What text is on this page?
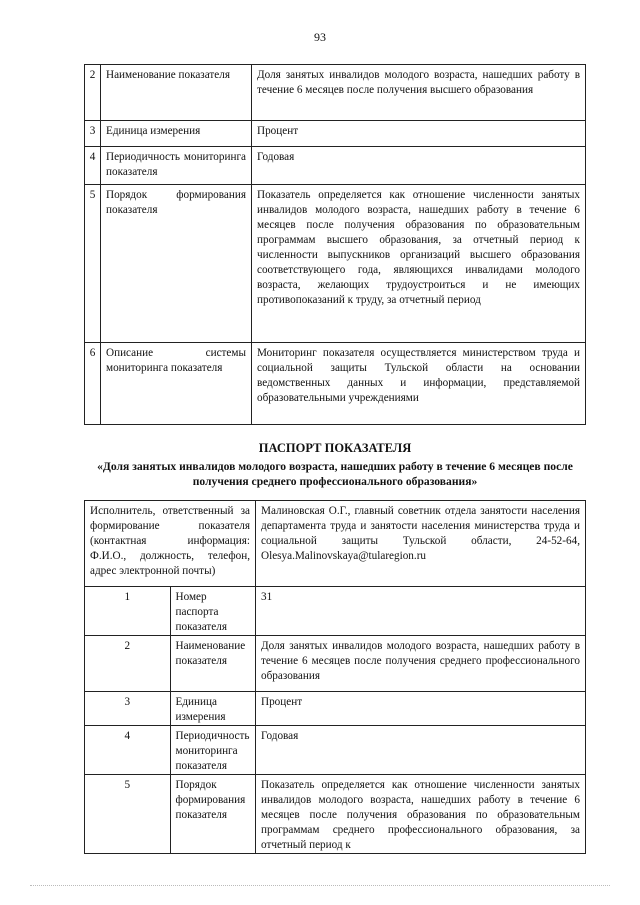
93
2	Наименование показателя	Доля занятых инвалидов молодого возраста, нашедших работу в течение 6 месяцев после получения высшего образования
3	Единица измерения	Процент
4	Периодичность мониторинга показателя	Годовая
5	Порядок формирования показателя	Показатель определяется как отношение численности занятых инвалидов молодого возраста, нашедших работу в течение 6 месяцев после получения образования по образовательным программам высшего образования, за отчетный период к численности выпускников организаций высшего образования соответствующего года, являющихся инвалидами молодого возраста, желающих трудоустроиться и не имеющих противопоказаний к труду, за отчетный период
6	Описание системы мониторинга показателя	Мониторинг показателя осуществляется министерством труда и социальной защиты Тульской области на основании ведомственных данных и информации, представляемой образовательными учреждениями
ПАСПОРТ ПОКАЗАТЕЛЯ
«Доля занятых инвалидов молодого возраста, нашедших работу в течение 6 месяцев после получения среднего профессионального образования»
Исполнитель, ответственный за формирование показателя (контактная информация: Ф.И.О., должность, телефон, адрес электронной почты)		Малиновская О.Г., главный советник отдела занятости населения департамента труда и занятости населения министерства труда и социальной защиты Тульской области, 24-52-64, Olesya.Malinovskaya@tularegion.ru
1	Номер паспорта показателя	31
2	Наименование показателя	Доля занятых инвалидов молодого возраста, нашедших работу в течение 6 месяцев после получения среднего профессионального образования
3	Единица измерения	Процент
4	Периодичность мониторинга показателя	Годовая
5	Порядок формирования показателя	Показатель определяется как отношение численности занятых инвалидов молодого возраста, нашедших работу в течение 6 месяцев после получения образования по образовательным программам среднего профессионального образования, за отчетный период к
